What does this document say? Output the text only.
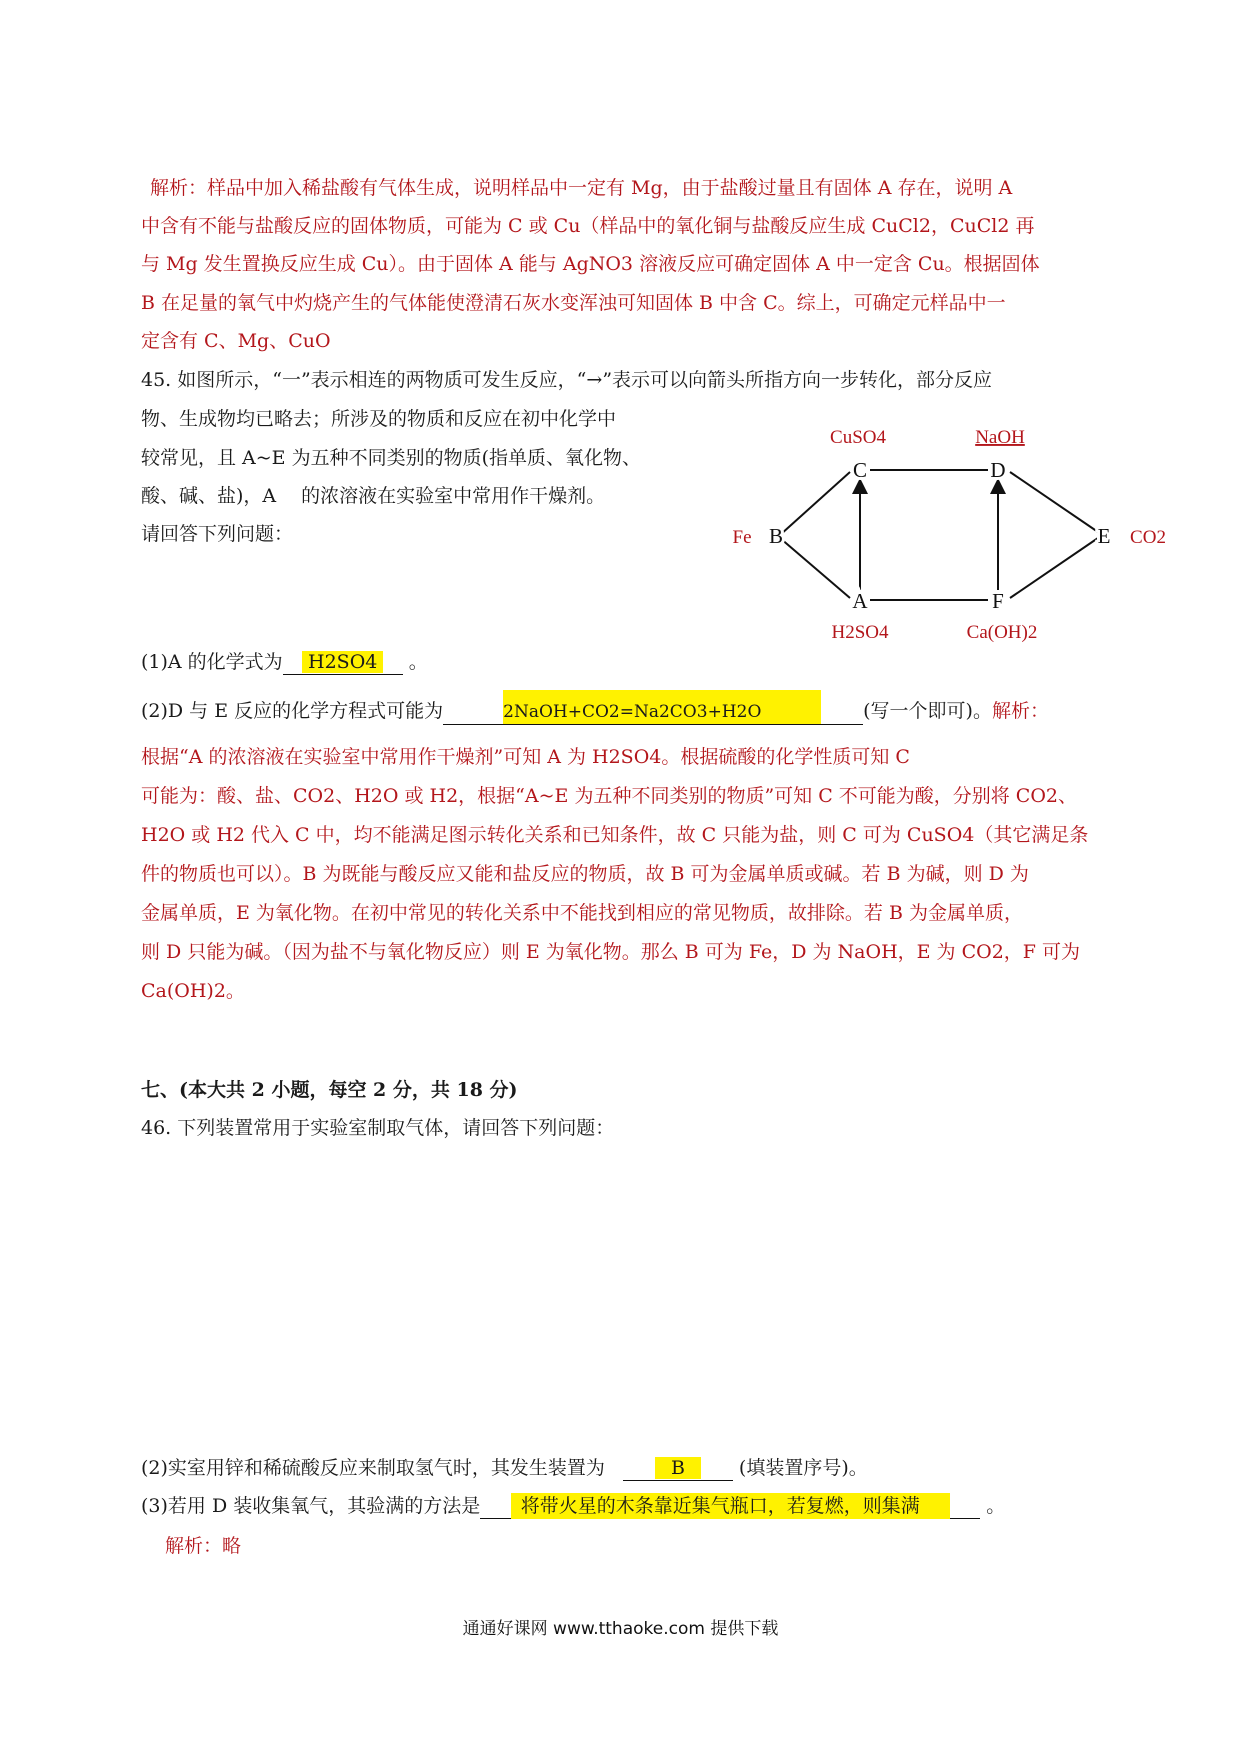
解析：样品中加入稀盐酸有气体生成，说明样品中一定有 Mg，由于盐酸过量且有固体 A 存在，说明 A
中含有不能与盐酸反应的固体物质，可能为 C 或 Cu（样品中的氧化铜与盐酸反应生成 CuCl2，CuCl2 再
与 Mg 发生置换反应生成 Cu）。由于固体 A 能与 AgNO3 溶液反应可确定固体 A 中一定含 Cu。根据固体
B 在足量的氧气中灼烧产生的气体能使澄清石灰水变浑浊可知固体 B 中含 C。综上，可确定元样品中一
定含有 C、Mg、CuO
45. 如图所示，“一”表示相连的两物质可发生反应，“→”表示可以向箭头所指方向一步转化，部分反应
物、生成物均已略去；所涉及的物质和反应在初中化学中
较常见，且 A~E 为五种不同类别的物质(指单质、氧化物、
酸、碱、盐)，A　 的浓溶液在实验室中常用作干燥剂。
请回答下列问题：
C	D
B	E
A	F
CuSO4	NaOH
Fe	CO2
H2SO4	Ca(OH)2
(1)A 的化学式为 H2SO4 。
(2)D 与 E 反应的化学方程式可能为	2NaOH+CO2=Na2CO3+H2O	(写一个即可)。解析：
根据“A 的浓溶液在实验室中常用作干燥剂”可知 A 为 H2SO4。根据硫酸的化学性质可知 C
可能为：酸、盐、CO2、H2O 或 H2，根据“A~E 为五种不同类别的物质”可知 C 不可能为酸，分别将 CO2、
H2O 或 H2 代入 C 中，均不能满足图示转化关系和已知条件，故 C 只能为盐，则 C 可为 CuSO4（其它满足条
件的物质也可以）。B 为既能与酸反应又能和盐反应的物质，故 B 可为金属单质或碱。若 B 为碱，则 D 为
金属单质，E 为氧化物。在初中常见的转化关系中不能找到相应的常见物质，故排除。若 B 为金属单质，
则 D 只能为碱。（因为盐不与氧化物反应）则 E 为氧化物。那么 B 可为 Fe，D 为 NaOH，E 为 CO2，F 可为
Ca(OH)2。
七、(本大共 2 小题，每空 2 分，共 18 分)
46. 下列装置常用于实验室制取气体，请回答下列问题：
(2)实室用锌和稀硫酸反应来制取氢气时，其发生装置为	B	(填装置序号)。
(3)若用 D 装收集氧气，其验满的方法是 将带火星的木条靠近集气瓶口，若复燃，则集满	。
解析：略
通通好课网 www.tthaoke.com 提供下载
